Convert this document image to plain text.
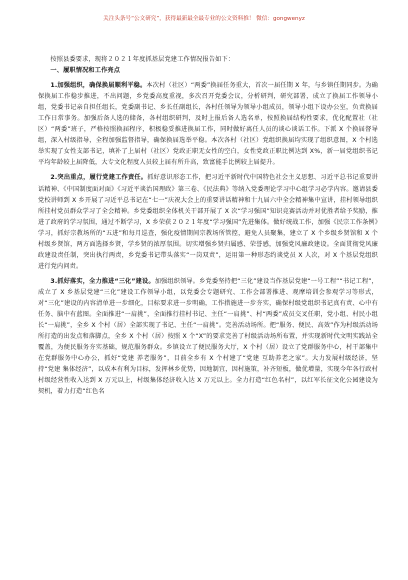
关注头条号“公文研究”，获得最新最全最专业的公文资料推！ 微信：gongwenyz

按照县委要求，现将２０２１年度抓基层党建工作情况报告如下：

一、履职情况和工作亮点

1.加强组织，确保换届顺利平稳。本次村（社区）“两委”换届任务重大，首次一届任期 X 年，与乡镇任期同步。为确保换届工作稳步推进，不出问题，乡党委高度重视，多次召开党委会议，分析研判，研究部署，成立了换届工作领导小组，党委书记亲自担任组长，党委副书记、乡长任副组长，各村任领导为领导小组成员，领导小组下设办公室，负责换届工作日常事务。加强后备人选的储备，各村组织研判，及时上报后备人选名单，按照换届结构性要求，优化配置社（社区）“两委”班子，严格按照换届程序，积极稳妥推进换届工作，同时做好离任人员的谈心谈话工作。下派 X 个换届督导组，深入村级指导，全程加强监督指导，确保换届选举平稳。本次各村（社区）党组织换届均实现了组织意图，X 个村选举实现了女性支部书记，填补了上届村（社区）党政正职无女性的空白，女性党政正职比例达到 X%，新一届党组织书记平均年龄较上届降低，大专文化程度人员较上届有所升高，致富能手比例较上届提升。

2.突出重点，履行党建工作责任。抓好意识形态工作，把习近平新时代中国特色社会主义思想、习近平总书记重要讲话精神、《中国制度面对面》《习近平谈治国理政》第三卷、《民法典》等纳入党委理论学习中心组学习必学内容。邀请县委党校讲师到 X 乡开展了习近平总书记在“七一”庆祝大会上的重要讲话精神和十九届六中全会精神集中宣讲，挂村领导组织所挂村党员群众学习了全会精神。乡党委组织全体机关干部开展了 X 次“学习强国”知识竞赛活动并对优胜者给予奖励，推进了政府的学习氛围，通过不断学习，X 乡荣获２０２１年度“学习强国”先进集体。做好统战工作，加强《民宗工作条例》学习，抓好宗教场所的“五进”和每月巡查，强化疫情期间宗教场所管控，避免人员聚集，建立了 X 个乡级乡贤馆和 X 个村级乡贤馆，两方面选择乡贤，学乡贤的浓厚氛围。切实增强乡贤归属感、荣誉感，加强党风廉政建设。全面贯彻党风廉政建设责任制，突出执行两责，乡党委书记带头落实“一岗双责”，运用第一种形态约谈党员 X 人次，对 X 个基层党组织进行党内问责。

3.抓好落实，全力推进“三化”建设。加强组织领导。乡党委坚持把“三化”建设当作基层党建“一号工程”“书记工程”，成立了 X 乡基层党建“三化”建设工作领导小组，以党委会专题研究、工作会部署推进、观摩培训会参观学习等形式，对“三化”建设的内容清单进一步细化，目标要求进一步明确，工作措施进一步夯实，确保村级党组织书记真有责、心中有任务、脑中有蓝图。全面推进“一肩挑”，全面推行挂村书记、主任“一肩挑”、村“两委”成员交叉任职，党小组、村民小组长“一肩挑”，全乡 X 个村（居）全部实现了书记、主任“一肩挑”。完善活动场所。把“服务、便民、高效”作为村级活动场所打造的出发点和落脚点，全乡 X 个村（居）按照 X 个“X”的要求完善了村级活动场所布置，并实现新时代文明实践站全覆盖，为便民服务夯实基础，规范服务群众。乡镇设立了便民服务大厅，X 个村（居）设立了党群服务中心，村干部集中在党群服务中心办公，抓好“党建 养老服务”，目前全乡有 X 个村建了“党建 互助养老之家”。大力发展村级经济，坚持“党建 集体经济”，以成本有利为目标，发挥林乡优势，因地制宜，因村施策，补齐短板，做优增量，实现今年各行政村村级经营性收入达到 X 万元以上，村级集体经济收入达 X 万元以上。全力打造“红色名村”，以红军长征文化公园建设为契机，着力打造“红色名
